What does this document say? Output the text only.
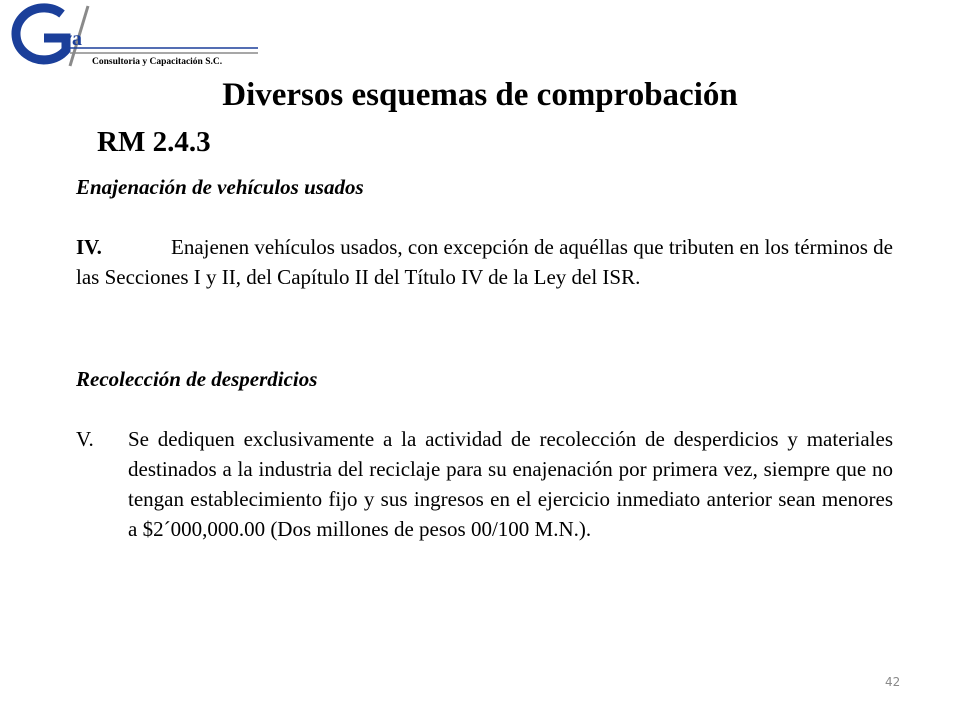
va
Consultoria y Capacitación S.C.
Diversos esquemas de comprobación
RM 2.4.3

Enajenación de vehículos usados

IV.	Enajenen vehículos usados, con excepción de aquéllas que tributen en los términos de las Secciones I y II, del Capítulo II del Título IV de la Ley del ISR.

Recolección de desperdicios

V.	Se dediquen exclusivamente a la actividad de recolección de desperdicios y materiales destinados a la industria del reciclaje para su enajenación por primera vez, siempre que no tengan establecimiento fijo y sus ingresos en el ejercicio inmediato anterior sean menores a $2´000,000.00 (Dos millones de pesos 00/100 M.N.).
42
